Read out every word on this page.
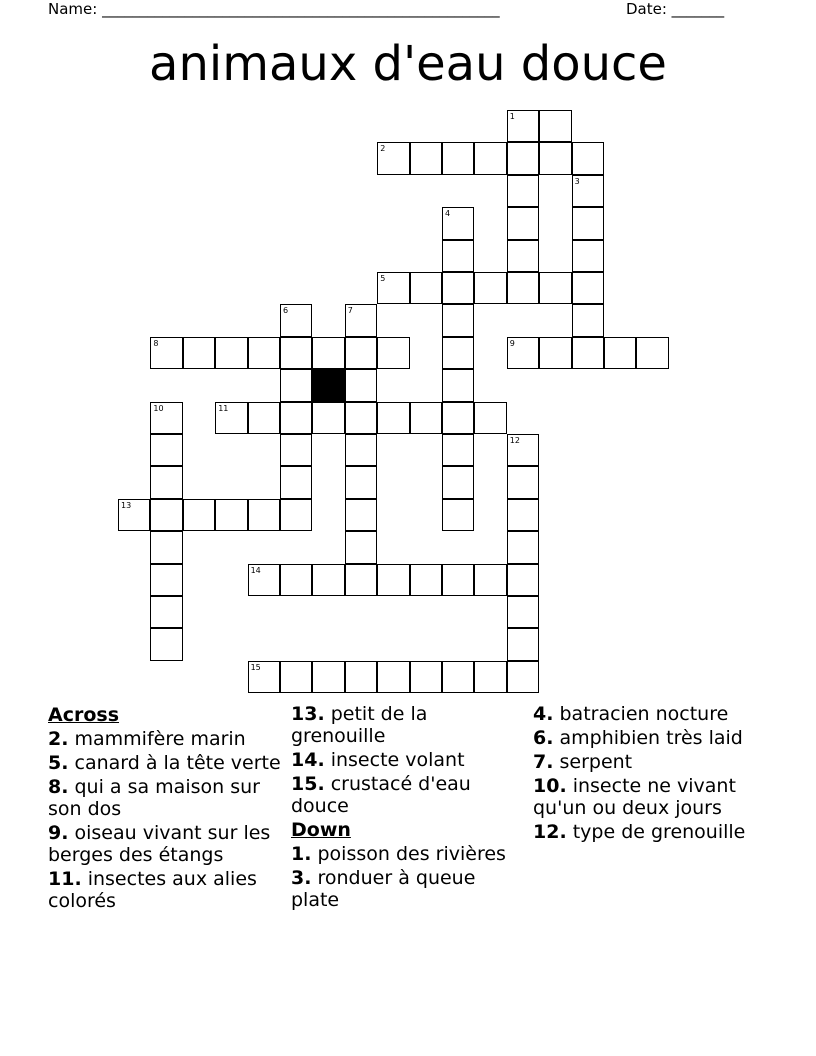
Name: _____________________________________________________

	Date: _______

animaux d'eau douce
1
2
3
4
5
6	7
8	9
10	11
12
13
14
15
Across
2. mammifère marin
5. canard à la tête verte
8. qui a sa maison sur son dos
9. oiseau vivant sur les berges des étangs
11. insectes aux alies colorés
13. petit de la grenouille
14. insecte volant
15. crustacé d'eau douce
Down
1. poisson des rivières
3. ronduer à queue plate
4. batracien nocture
6. amphibien très laid
7. serpent
10. insecte ne vivant qu'un ou deux jours
12. type de grenouille
